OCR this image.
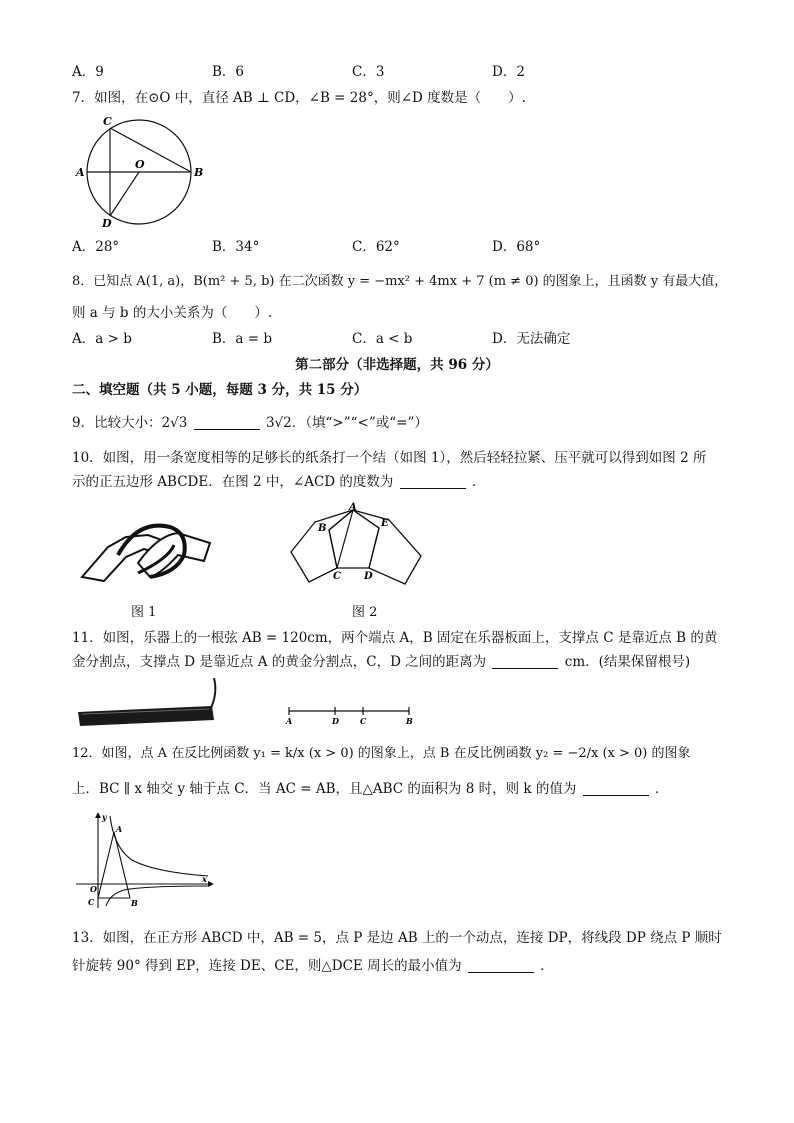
A．9	B．6	C．3	D．2
7．如图，在⊙O 中，直径 AB ⊥ CD，∠B = 28°，则∠D 度数是（　　）.
C
A
O
B
D
A．28°	B．34°	C．62°	D．68°
8．已知点 A(1, a)，B(m² + 5, b) 在二次函数 y = −mx² + 4mx + 7 (m ≠ 0) 的图象上，且函数 y 有最大值，
则 a 与 b 的大小关系为（　　）.
A．a > b	B．a = b	C．a < b	D．无法确定
第二部分（非选择题，共 96 分）
二、填空题（共 5 小题，每题 3 分，共 15 分）
9．比较大小：2√3	3√2．（填“>”“<”或“=”）
10．如图，用一条宽度相等的足够长的纸条打一个结（如图 1），然后轻轻拉紧、压平就可以得到如图 2 所
示的正五边形 ABCDE．在图 2 中，∠ACD 的度数为	．
图 1
A
B	E
C D
图 2
11．如图，乐器上的一根弦 AB = 120cm，两个端点 A，B 固定在乐器板面上，支撑点 C 是靠近点 B 的黄
金分割点，支撑点 D 是靠近点 A 的黄金分割点，C，D 之间的距离为	cm．(结果保留根号)
A	D	C	B
12．如图，点 A 在反比例函数 y₁ = k/x (x > 0) 的图象上，点 B 在反比例函数 y₂ = −2/x (x > 0) 的图象
上．BC ∥ x 轴交 y 轴于点 C．当 AC = AB，且△ABC 的面积为 8 时，则 k 的值为	．
y
x
O
A
B
C
13．如图，在正方形 ABCD 中，AB = 5，点 P 是边 AB 上的一个动点，连接 DP，将线段 DP 绕点 P 顺时
针旋转 90° 得到 EP，连接 DE、CE，则△DCE 周长的最小值为	．
